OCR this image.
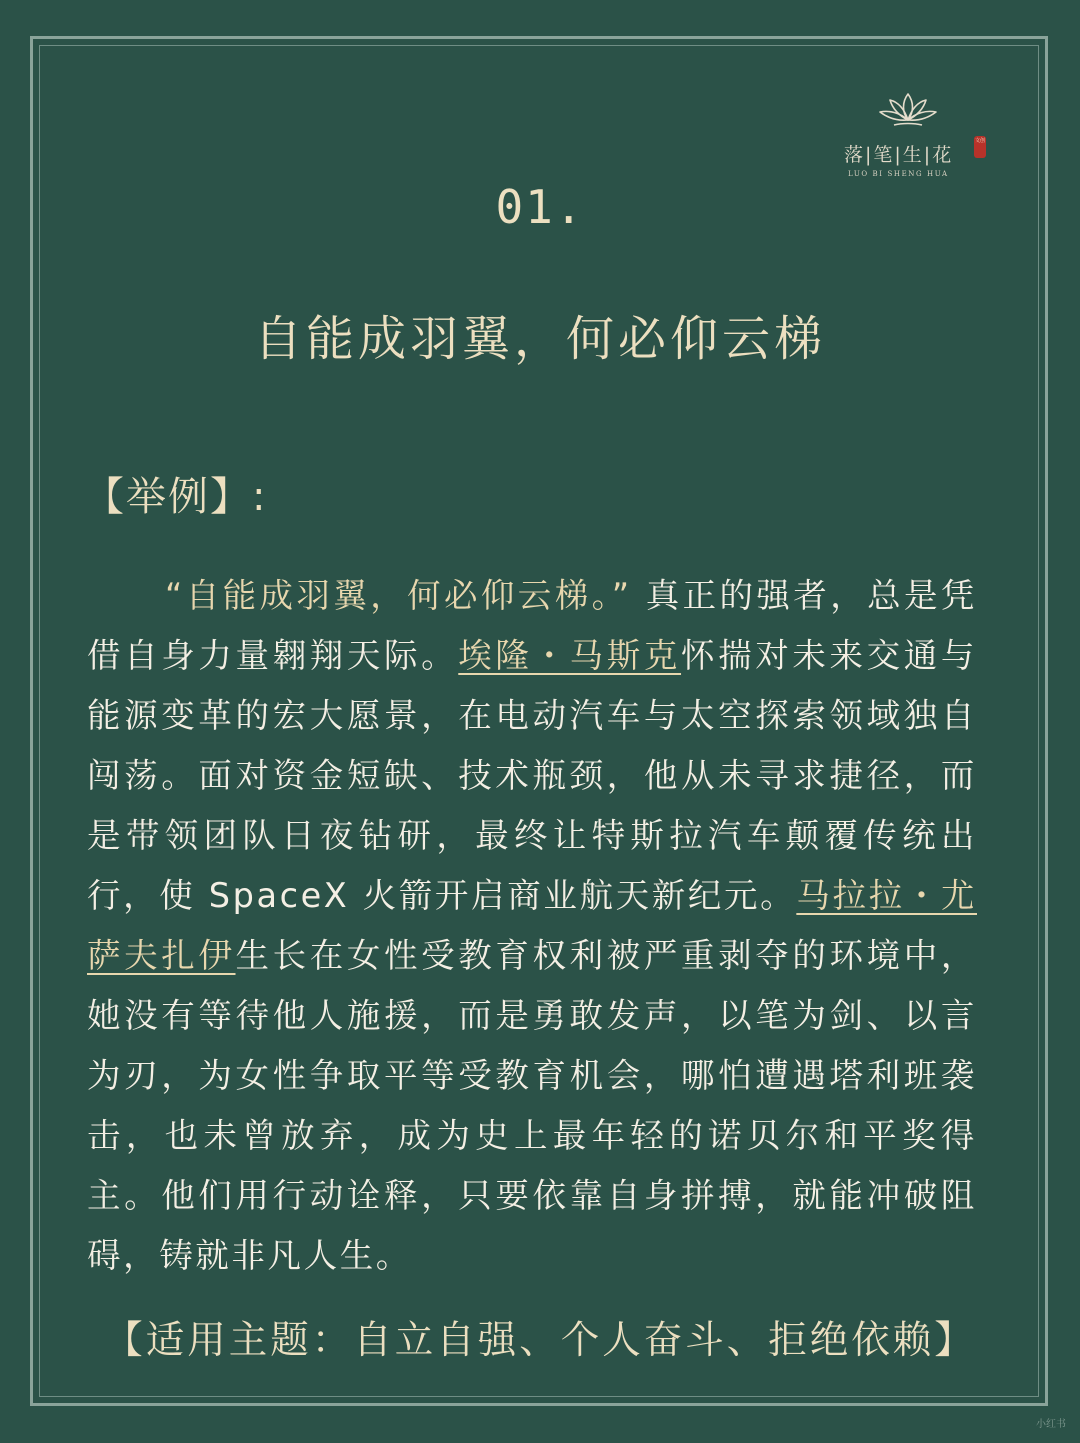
落|笔|生|花
文创
LUO BI SHENG HUA
01.
自能成羽翼，何必仰云梯
【举例】:
“自能成羽翼，何必仰云梯。” 真正的强者，总是凭借自身力量翱翔天际。埃隆・马斯克怀揣对未来交通与能源变革的宏大愿景，在电动汽车与太空探索领域独自闯荡。面对资金短缺、技术瓶颈，他从未寻求捷径，而是带领团队日夜钻研，最终让特斯拉汽车颠覆传统出行，使 SpaceX 火箭开启商业航天新纪元。马拉拉・尤萨夫扎伊生长在女性受教育权利被严重剥夺的环境中，她没有等待他人施援，而是勇敢发声，以笔为剑、以言为刃，为女性争取平等受教育机会，哪怕遭遇塔利班袭击，也未曾放弃，成为史上最年轻的诺贝尔和平奖得主。他们用行动诠释，只要依靠自身拼搏，就能冲破阻碍，铸就非凡人生。
【适用主题：自立自强、个人奋斗、拒绝依赖】
小红书
